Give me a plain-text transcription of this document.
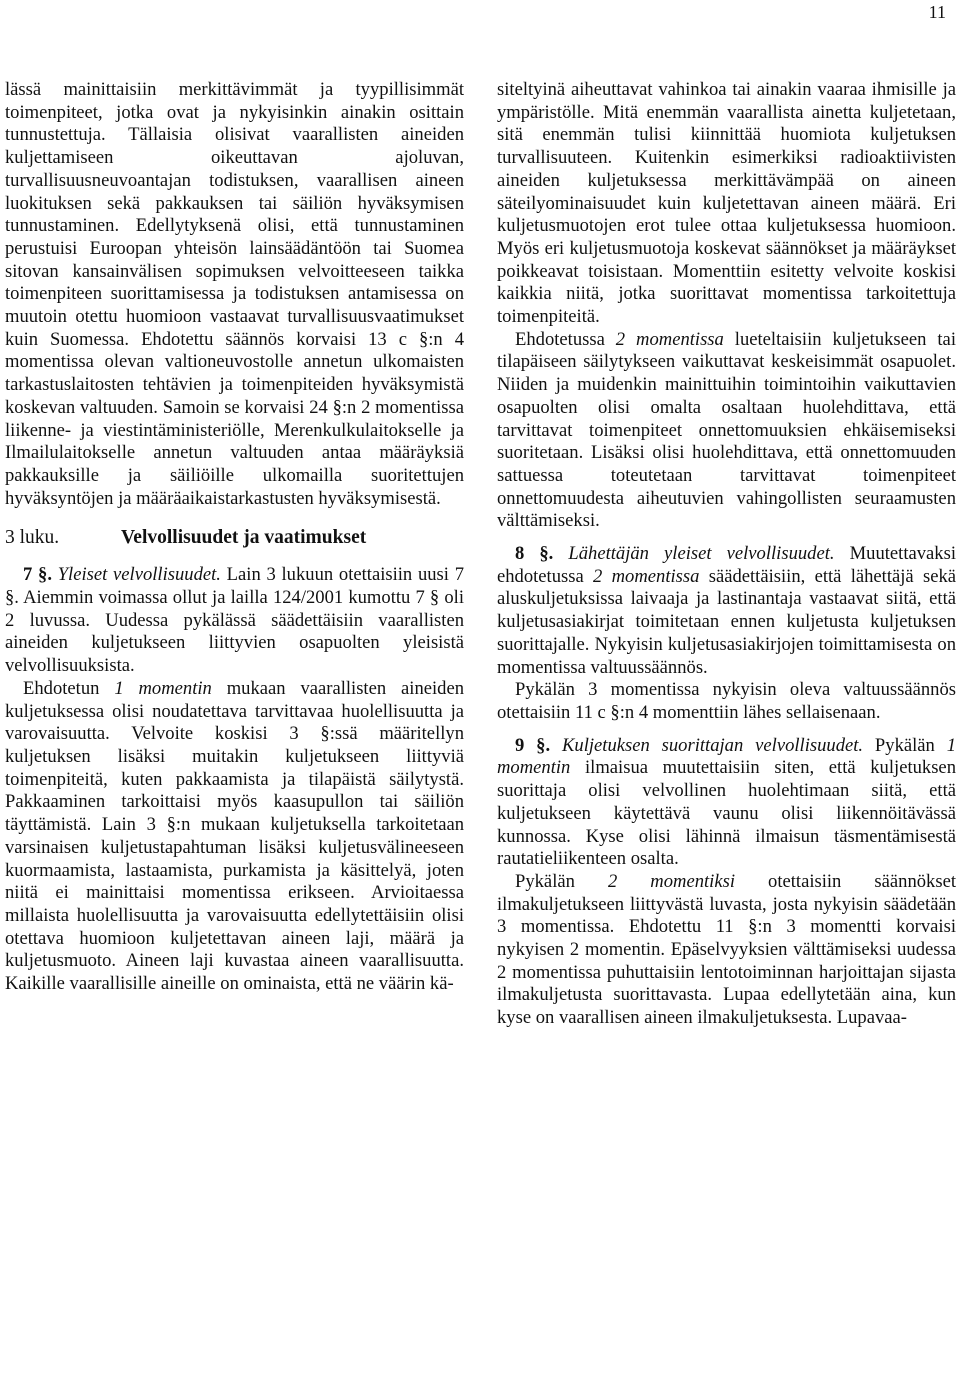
11

lässä mainittaisiin merkittävimmät ja tyypillisimmät toimenpiteet, jotka ovat ja nykyisinkin ainakin osittain tunnustettuja. Tällaisia olisivat vaarallisten aineiden kuljettamiseen oikeuttavan ajoluvan, turvallisuusneuvoantajan todistuksen, vaarallisen aineen luokituksen sekä pakkauksen tai säiliön hyväksymisen tunnustaminen. Edellytyksenä olisi, että tunnustaminen perustuisi Euroopan yhteisön lainsäädäntöön tai Suomea sitovan kansainvälisen sopimuksen velvoitteeseen taikka toimenpiteen suorittamisessa ja todistuksen antamisessa on muutoin otettu huomioon vastaavat turvallisuusvaatimukset kuin Suomessa. Ehdotettu säännös korvaisi 13 c §:n 4 momentissa olevan valtioneuvostolle annetun ulkomaisten tarkastuslaitosten tehtävien ja toimenpiteiden hyväksymistä koskevan valtuuden. Samoin se korvaisi 24 §:n 2 momentissa liikenne- ja viestintäministeriölle, Merenkulkulaitokselle ja Ilmailulaitokselle annetun valtuuden antaa määräyksiä pakkauksille ja säiliöille ulkomailla suoritettujen hyväksyntöjen ja määräaikaistarkastusten hyväksymisestä.

3 luku.	Velvollisuudet ja vaatimukset

7 §. Yleiset velvollisuudet. Lain 3 lukuun otettaisiin uusi 7 §. Aiemmin voimassa ollut ja lailla 124/2001 kumottu 7 § oli 2 luvussa. Uudessa pykälässä säädettäisiin vaarallisten aineiden kuljetukseen liittyvien osapuolten yleisistä velvollisuuksista.

Ehdotetun 1 momentin mukaan vaarallisten aineiden kuljetuksessa olisi noudatettava tarvittavaa huolellisuutta ja varovaisuutta. Velvoite koskisi 3 §:ssä määritellyn kuljetuksen lisäksi muitakin kuljetukseen liittyviä toimenpiteitä, kuten pakkaamista ja tilapäistä säilytystä. Pakkaaminen tarkoittaisi myös kaasupullon tai säiliön täyttämistä. Lain 3 §:n mukaan kuljetuksella tarkoitetaan varsinaisen kuljetustapahtuman lisäksi kuljetusvälineeseen kuormaamista, lastaamista, purkamista ja käsittelyä, joten niitä ei mainittaisi momentissa erikseen. Arvioitaessa millaista huolellisuutta ja varovaisuutta edellytettäisiin olisi otettava huomioon kuljetettavan aineen laji, määrä ja kuljetusmuoto. Aineen laji kuvastaa aineen vaarallisuutta. Kaikille vaarallisille aineille on ominaista, että ne väärin kä-

siteltyinä aiheuttavat vahinkoa tai ainakin vaaraa ihmisille ja ympäristölle. Mitä enemmän vaarallista ainetta kuljetetaan, sitä enemmän tulisi kiinnittää huomiota kuljetuksen turvallisuuteen. Kuitenkin esimerkiksi radioaktiivisten aineiden kuljetuksessa merkittävämpää on aineen säteilyominaisuudet kuin kuljetettavan aineen määrä. Eri kuljetusmuotojen erot tulee ottaa kuljetuksessa huomioon. Myös eri kuljetusmuotoja koskevat säännökset ja määräykset poikkeavat toisistaan. Momenttiin esitetty velvoite koskisi kaikkia niitä, jotka suorittavat momentissa tarkoitettuja toimenpiteitä.

Ehdotetussa 2 momentissa lueteltaisiin kuljetukseen tai tilapäiseen säilytykseen vaikuttavat keskeisimmät osapuolet. Niiden ja muidenkin mainittuihin toimintoihin vaikuttavien osapuolten olisi omalta osaltaan huolehdittava, että tarvittavat toimenpiteet onnettomuuksien ehkäisemiseksi suoritetaan. Lisäksi olisi huolehdittava, että onnettomuuden sattuessa toteutetaan tarvittavat toimenpiteet onnettomuudesta aiheutuvien vahingollisten seuraamusten välttämiseksi.

8 §. Lähettäjän yleiset velvollisuudet. Muutettavaksi ehdotetussa 2 momentissa säädettäisiin, että lähettäjä sekä aluskuljetuksissa laivaaja ja lastinantaja vastaavat siitä, että kuljetusasiakirjat toimitetaan ennen kuljetusta kuljetuksen suorittajalle. Nykyisin kuljetusasiakirjojen toimittamisesta on momentissa valtuussäännös.

Pykälän 3 momentissa nykyisin oleva valtuussäännös otettaisiin 11 c §:n 4 momenttiin lähes sellaisenaan.

9 §. Kuljetuksen suorittajan velvollisuudet. Pykälän 1 momentin ilmaisua muutettaisiin siten, että kuljetuksen suorittaja olisi velvollinen huolehtimaan siitä, että kuljetukseen käytettävä vaunu olisi liikennöitävässä kunnossa. Kyse olisi lähinnä ilmaisun täsmentämisestä rautatieliikenteen osalta.

Pykälän 2 momentiksi otettaisiin säännökset ilmakuljetukseen liittyvästä luvasta, josta nykyisin säädetään 3 momentissa. Ehdotettu 11 §:n 3 momentti korvaisi nykyisen 2 momentin. Epäselvyyksien välttämiseksi uudessa 2 momentissa puhuttaisiin lentotoiminnan harjoittajan sijasta ilmakuljetusta suorittavasta. Lupaa edellytetään aina, kun kyse on vaarallisen aineen ilmakuljetuksesta. Lupavaa-
